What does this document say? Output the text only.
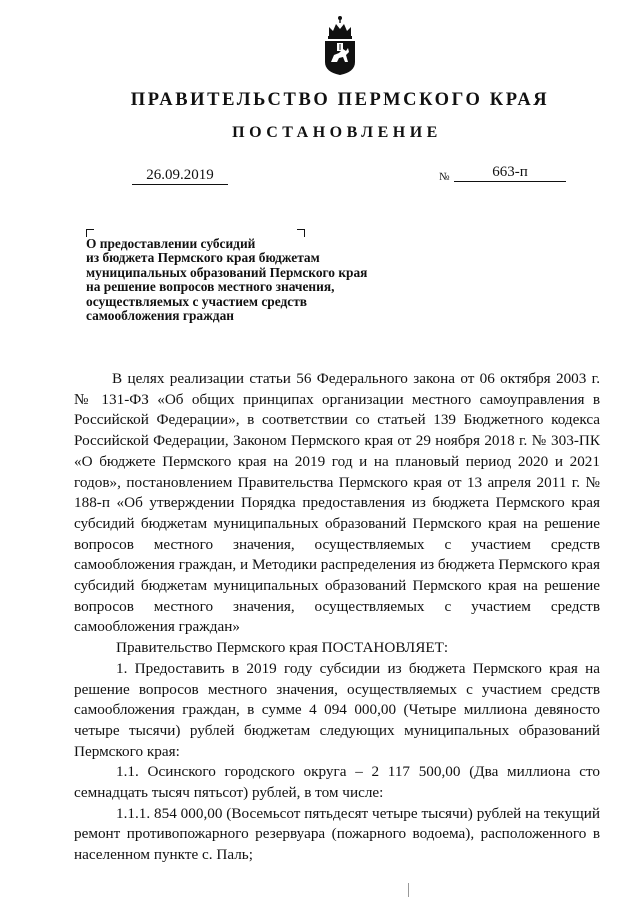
ПРАВИТЕЛЬСТВО ПЕРМСКОГО КРАЯ
ПОСТАНОВЛЕНИЕ
26.09.2019	№	663-п
О предоставлении субсидий
из бюджета Пермского края бюджетам
муниципальных образований Пермского края
на решение вопросов местного значения,
осуществляемых с участием средств
самообложения граждан

В целях реализации статьи 56 Федерального закона от 06 октября 2003 г. № 131-ФЗ «Об общих принципах организации местного самоуправления в Российской Федерации», в соответствии со статьей 139 Бюджетного кодекса Российской Федерации, Законом Пермского края от 29 ноября 2018 г. № 303-ПК «О бюджете Пермского края на 2019 год и на плановый период 2020 и 2021 годов», постановлением Правительства Пермского края от 13 апреля 2011 г. № 188-п «Об утверждении Порядка предоставления из бюджета Пермского края субсидий бюджетам муниципальных образований Пермского края на решение вопросов местного значения, осуществляемых с участием средств самообложения граждан, и Методики распределения из бюджета Пермского края субсидий бюджетам муниципальных образований Пермского края на решение вопросов местного значения, осуществляемых с участием средств самообложения граждан»

Правительство Пермского края ПОСТАНОВЛЯЕТ:

1. Предоставить в 2019 году субсидии из бюджета Пермского края на решение вопросов местного значения, осуществляемых с участием средств самообложения граждан, в сумме 4 094 000,00 (Четыре миллиона девяносто четыре тысячи) рублей бюджетам следующих муниципальных образований Пермского края:

1.1. Осинского городского округа – 2 117 500,00 (Два миллиона сто семнадцать тысяч пятьсот) рублей, в том числе:

1.1.1. 854 000,00 (Восемьсот пятьдесят четыре тысячи) рублей на текущий ремонт противопожарного резервуара (пожарного водоема), расположенного в населенном пункте с. Паль;
